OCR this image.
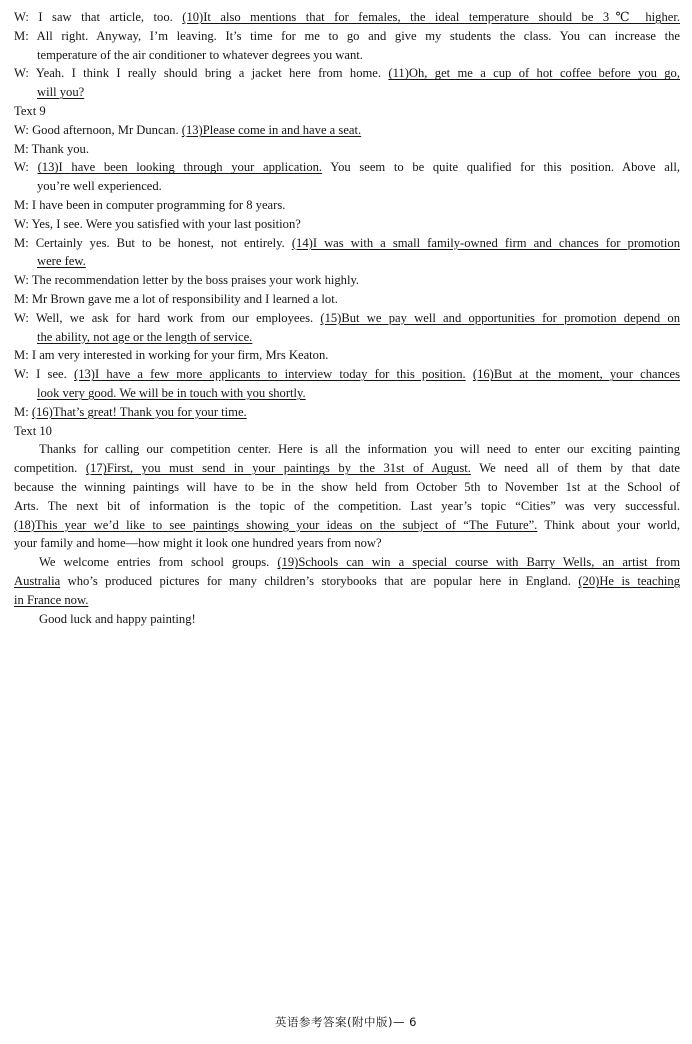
W: I saw that article, too. (10)It also mentions that for females, the ideal temperature should be 3℃ higher.
M: All right. Anyway, I’m leaving. It’s time for me to go and give my students the class. You can increase the
temperature of the air conditioner to whatever degrees you want.
W: Yeah. I think I really should bring a jacket here from home. (11)Oh, get me a cup of hot coffee before you go,
will you?
Text 9
W: Good afternoon, Mr Duncan. (13)Please come in and have a seat.
M: Thank you.
W: (13)I have been looking through your application. You seem to be quite qualified for this position. Above all,
you’re well experienced.
M: I have been in computer programming for 8 years.
W: Yes, I see. Were you satisfied with your last position?
M: Certainly yes. But to be honest, not entirely. (14)I was with a small family-owned firm and chances for promotion
were few.
W: The recommendation letter by the boss praises your work highly.
M: Mr Brown gave me a lot of responsibility and I learned a lot.
W: Well, we ask for hard work from our employees. (15)But we pay well and opportunities for promotion depend on
the ability, not age or the length of service.
M: I am very interested in working for your firm, Mrs Keaton.
W: I see. (13)I have a few more applicants to interview today for this position. (16)But at the moment, your chances
look very good. We will be in touch with you shortly.
M: (16)That’s great! Thank you for your time.
Text 10
Thanks for calling our competition center. Here is all the information you will need to enter our exciting painting
competition. (17)First, you must send in your paintings by the 31st of August. We need all of them by that date
because the winning paintings will have to be in the show held from October 5th to November 1st at the School of
Arts. The next bit of information is the topic of the competition. Last year’s topic “Cities” was very successful.
(18)This year we’d like to see paintings showing your ideas on the subject of “The Future”. Think about your world,
your family and home—how might it look one hundred years from now?
We welcome entries from school groups. (19)Schools can win a special course with Barry Wells, an artist from
Australia who’s produced pictures for many children’s storybooks that are popular here in England. (20)He is teaching
in France now.
Good luck and happy painting!
英语参考答案(附中版)— 6
